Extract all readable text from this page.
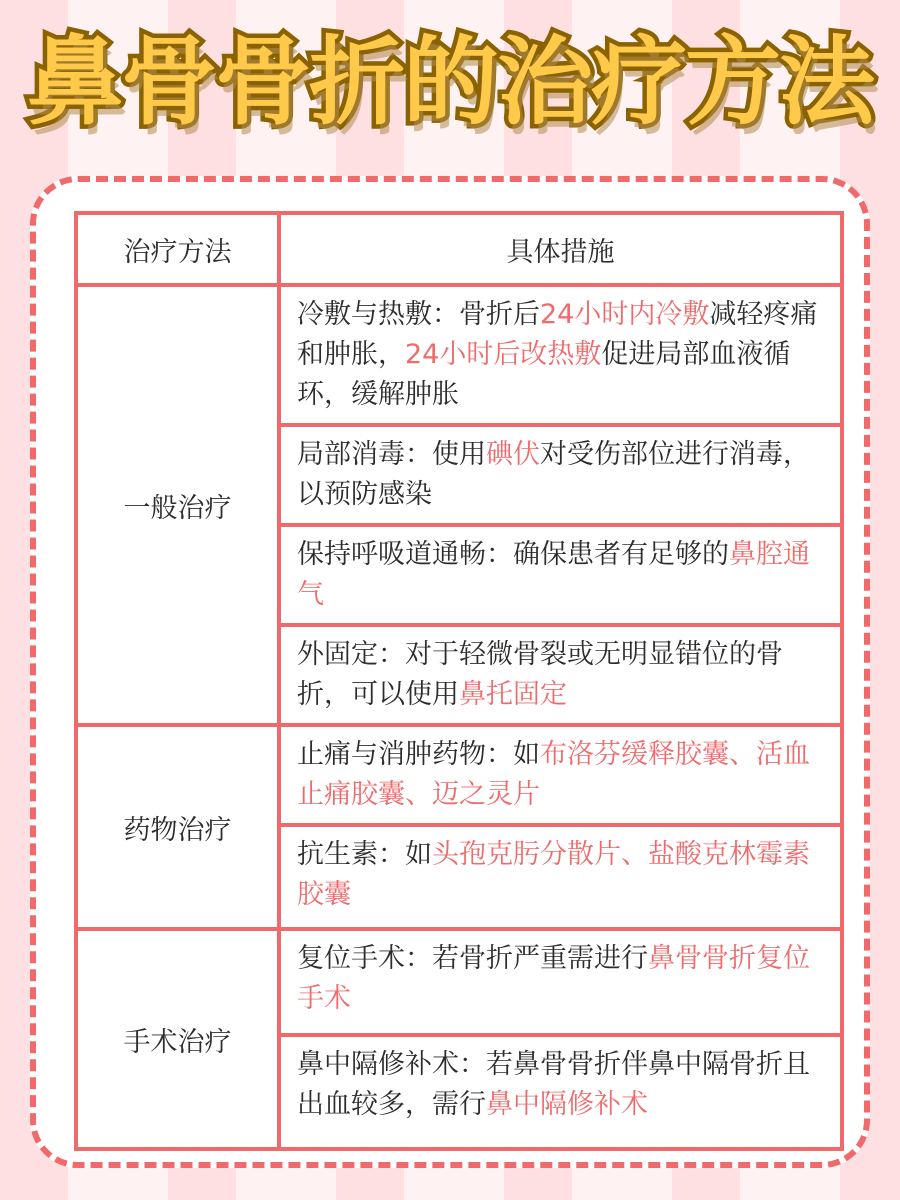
鼻骨骨折的治疗方法
治疗方法	具体措施
一般治疗	冷敷与热敷：骨折后24小时内冷敷减轻疼痛和肿胀，24小时后改热敷促进局部血液循环，缓解肿胀
	局部消毒：使用碘伏对受伤部位进行消毒，以预防感染
	保持呼吸道通畅：确保患者有足够的鼻腔通气
	外固定：对于轻微骨裂或无明显错位的骨折，可以使用鼻托固定
药物治疗	止痛与消肿药物：如布洛芬缓释胶囊、活血止痛胶囊、迈之灵片
	抗生素：如头孢克肟分散片、盐酸克林霉素胶囊
手术治疗	复位手术：若骨折严重需进行鼻骨骨折复位手术
	鼻中隔修补术：若鼻骨骨折伴鼻中隔骨折且出血较多，需行鼻中隔修补术
